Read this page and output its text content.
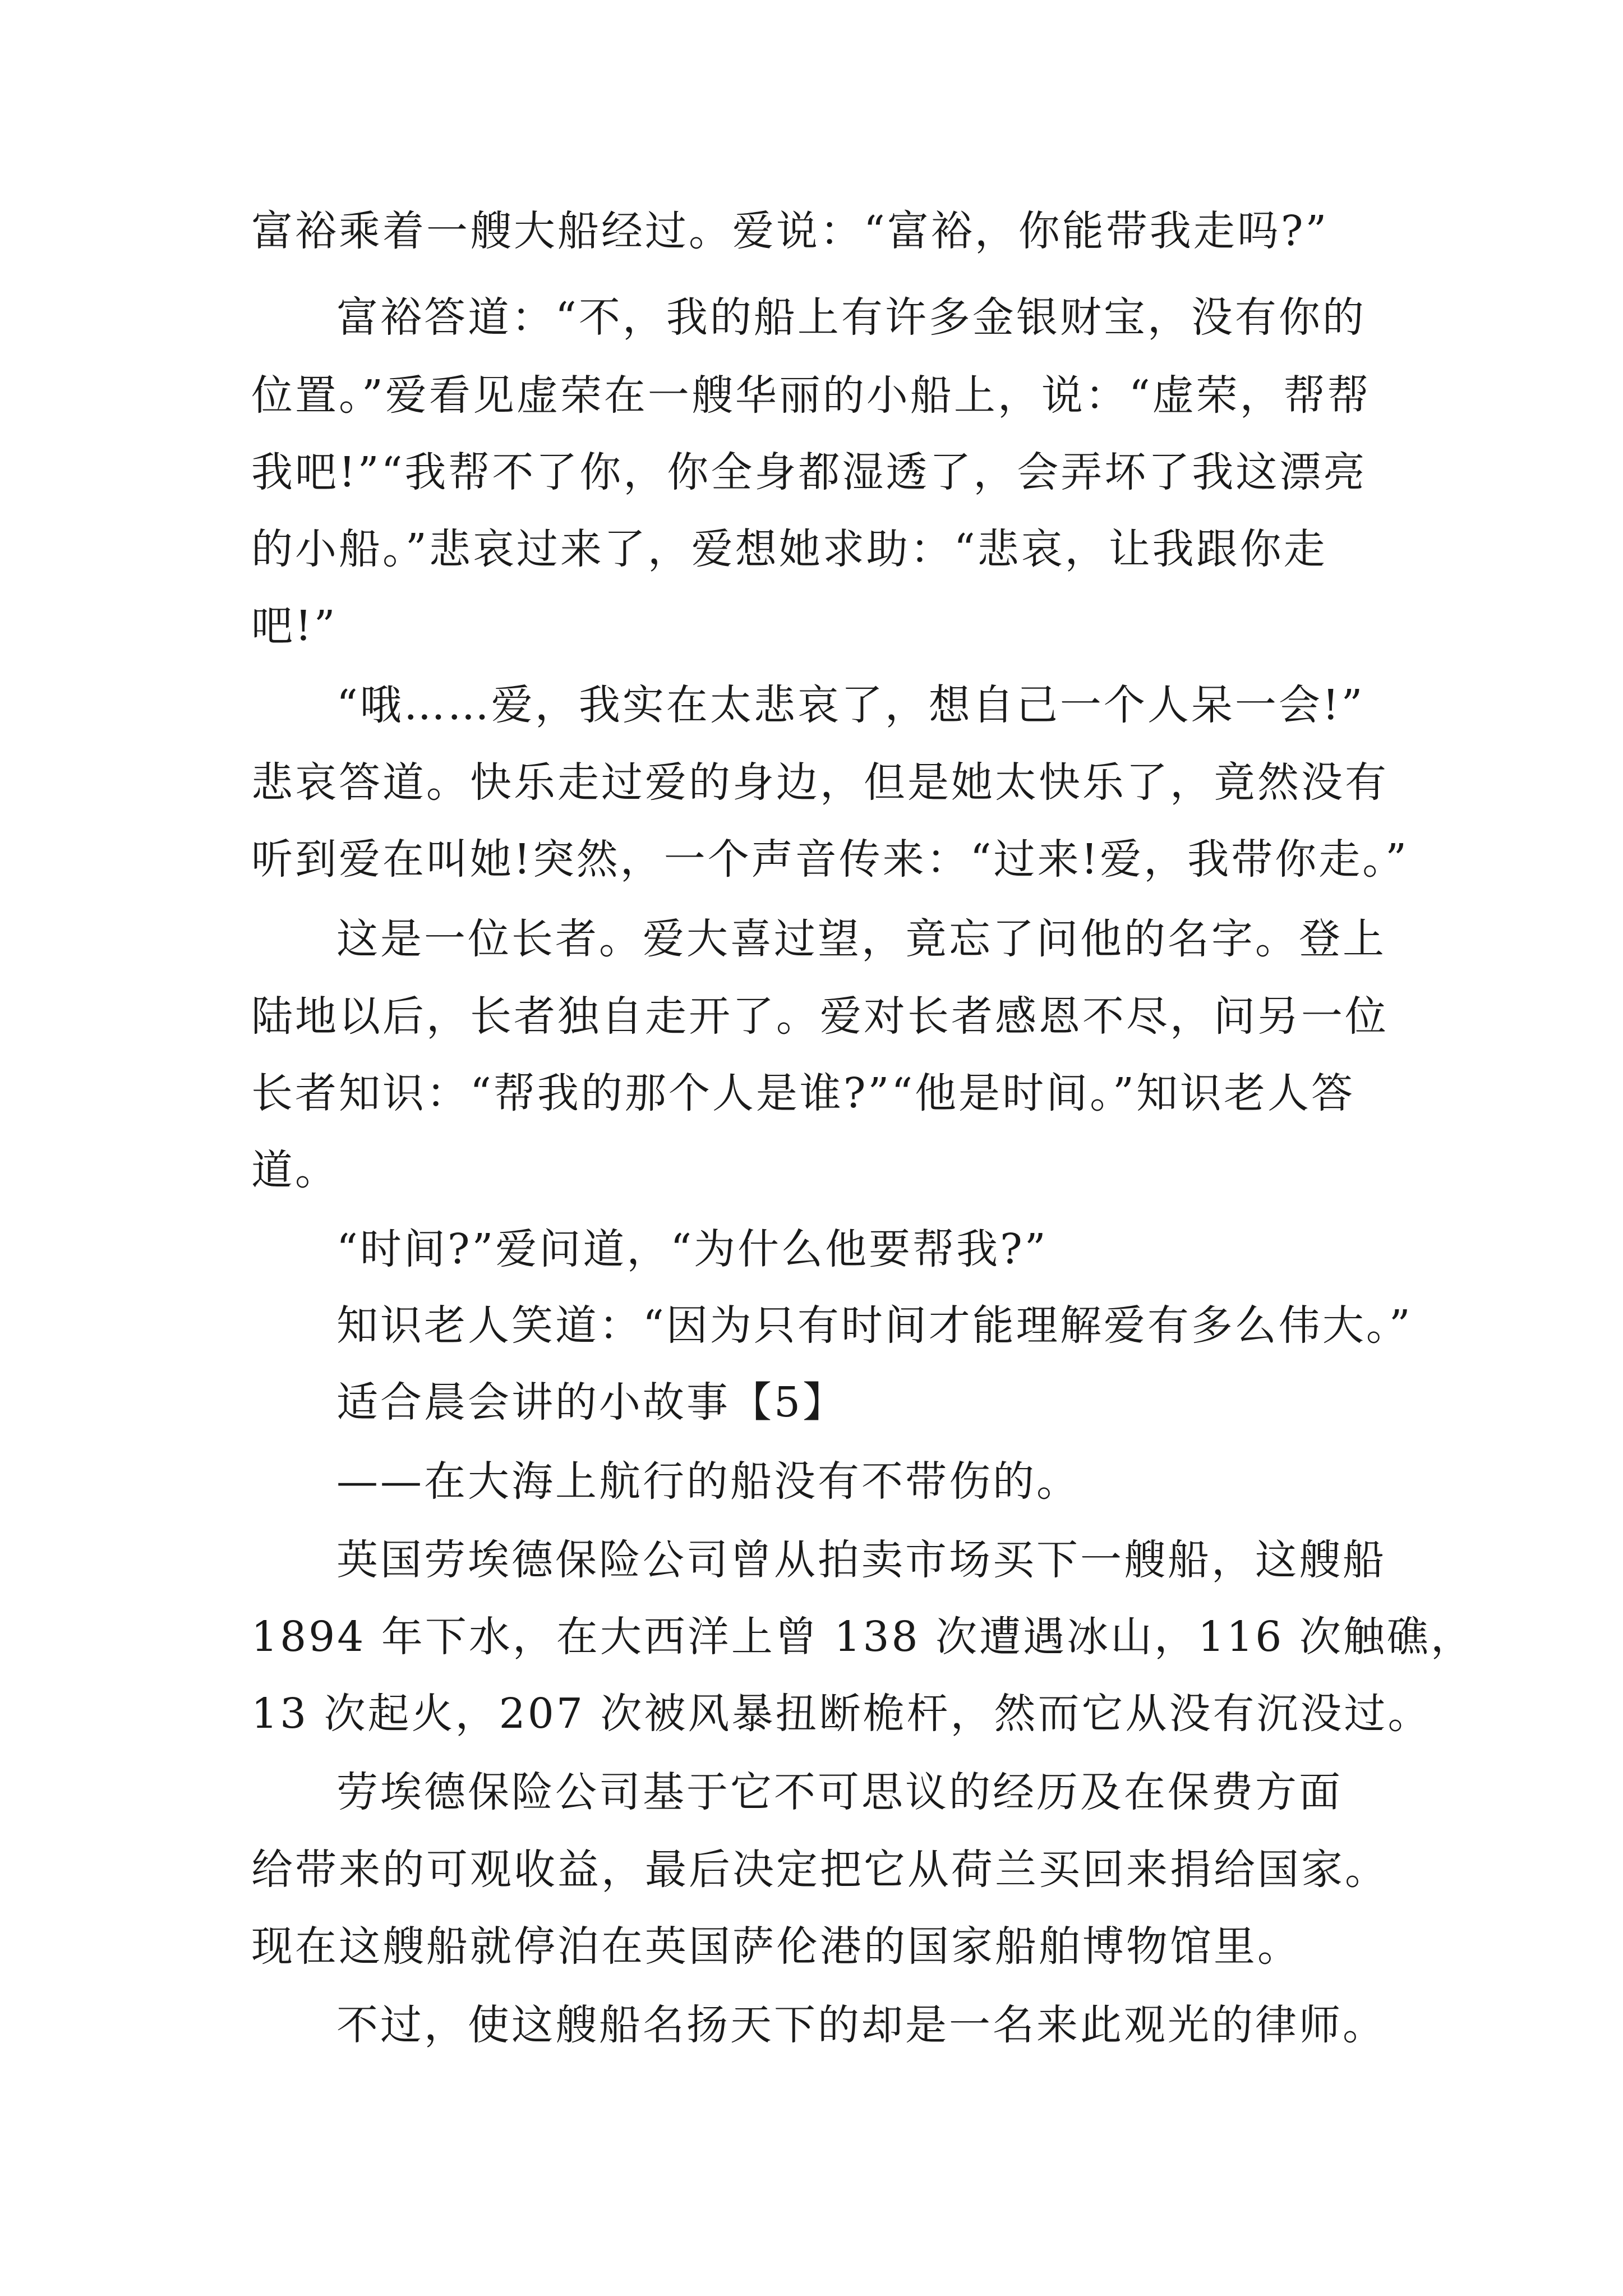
富裕乘着一艘大船经过。爱说：“富裕，你能带我走吗?”
富裕答道：“不，我的船上有许多金银财宝，没有你的
位置。”爱看见虚荣在一艘华丽的小船上，说：“虚荣，帮帮
我吧!”“我帮不了你，你全身都湿透了，会弄坏了我这漂亮
的小船。”悲哀过来了，爱想她求助：“悲哀，让我跟你走
吧!”
“哦……爱，我实在太悲哀了，想自己一个人呆一会!”
悲哀答道。快乐走过爱的身边，但是她太快乐了，竟然没有
听到爱在叫她!突然，一个声音传来：“过来!爱，我带你走。”
这是一位长者。爱大喜过望，竟忘了问他的名字。登上
陆地以后，长者独自走开了。爱对长者感恩不尽，问另一位
长者知识：“帮我的那个人是谁?”“他是时间。”知识老人答
道。
“时间?”爱问道，“为什么他要帮我?”
知识老人笑道：“因为只有时间才能理解爱有多么伟大。”
适合晨会讲的小故事【5】
——在大海上航行的船没有不带伤的。
英国劳埃德保险公司曾从拍卖市场买下一艘船，这艘船
1894 年下水，在大西洋上曾 138 次遭遇冰山，116 次触礁，
13 次起火，207 次被风暴扭断桅杆，然而它从没有沉没过。
劳埃德保险公司基于它不可思议的经历及在保费方面
给带来的可观收益，最后决定把它从荷兰买回来捐给国家。
现在这艘船就停泊在英国萨伦港的国家船舶博物馆里。
不过，使这艘船名扬天下的却是一名来此观光的律师。
